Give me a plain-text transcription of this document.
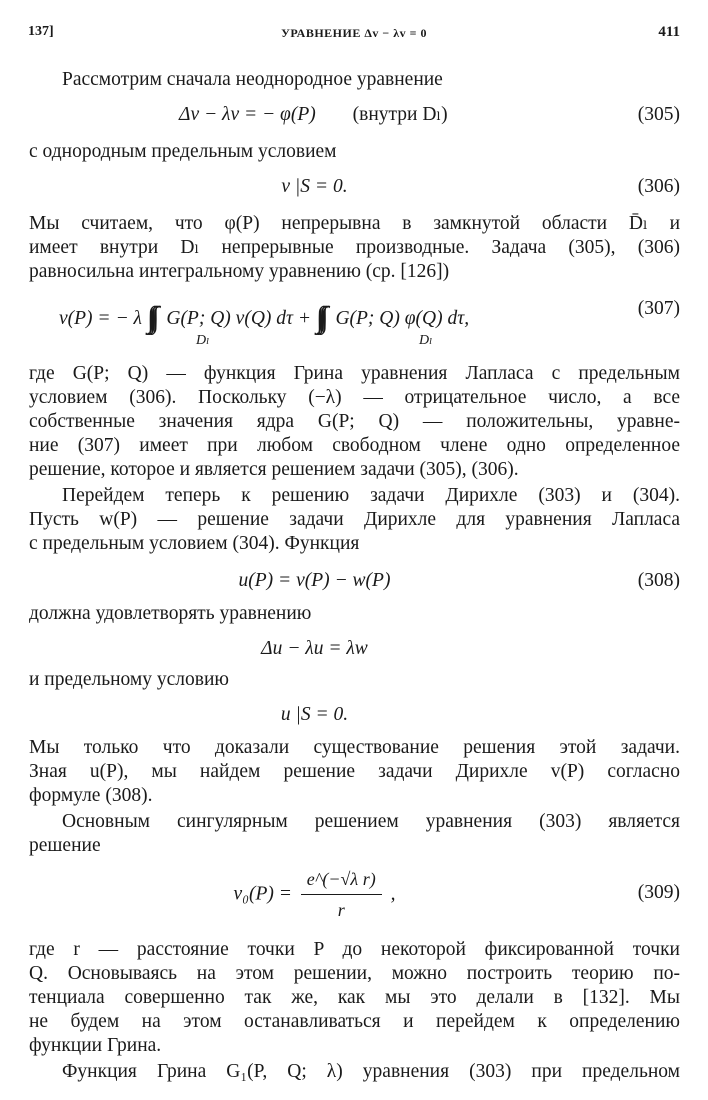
137]	УРАВНЕНИЕ Δv − λv = 0	411
Рассмотрим сначала неоднородное уравнение
Δv − λv = − φ(P) (внутри Dₗ)	(305)
с однородным предельным условием
v |S = 0.	(306)
Мы считаем, что φ(P) непрерывна в замкнутой области D̄ₗ и
имеет внутри Dₗ непрерывные производные. Задача (305), (306)
равносильна интегральному уравнению (ср. [126])
v(P) = − λ ∫∫∫ G(P; Q) v(Q) dτ + ∫∫∫ G(P; Q) φ(Q) dτ,
Dₗ	Dₗ
(307)
где G(P; Q) — функция Грина уравнения Лапласа с предельным
условием (306). Поскольку (−λ) — отрицательное число, а все
собственные значения ядра G(P; Q) — положительны, уравне-
ние (307) имеет при любом свободном члене одно определенное
решение, которое и является решением задачи (305), (306).
Перейдем теперь к решению задачи Дирихле (303) и (304).
Пусть w(P) — решение задачи Дирихле для уравнения Лапласа
с предельным условием (304). Функция
u(P) = v(P) − w(P)	(308)
должна удовлетворять уравнению
Δu − λu = λw
и предельному условию
u |S = 0.
Мы только что доказали существование решения этой задачи.
Зная u(P), мы найдем решение задачи Дирихле v(P) согласно
формуле (308).
Основным сингулярным решением уравнения (303) является
решение
$v_0(P) = \frac{\text{e\textasciicircum{}(−√λ r)}}{r}$ ,	(309)
где r — расстояние точки P до некоторой фиксированной точки
Q. Основываясь на этом решении, можно построить теорию по-
тенциала совершенно так же, как мы это делали в [132]. Мы
не будем на этом останавливаться и перейдем к определению
функции Грина.
Функция Грина G₁(P, Q; λ) уравнения (303) при предельном
